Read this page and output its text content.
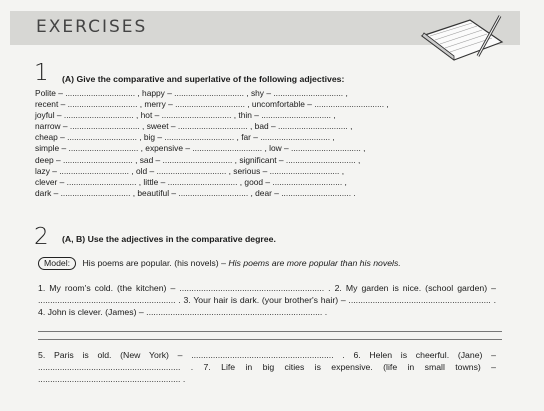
EXERCISES
1 (A) Give the comparative and superlative of the following adjectives:
Polite – .............................. , happy – .............................. , shy – .............................. ,
recent – .............................. , merry – .............................. , uncomfortable – .............................. ,
joyful – .............................. , hot – .............................. , thin – .............................. ,
narrow – .............................. , sweet – .............................. , bad – .............................. ,
cheap – .............................. , big – .............................. , far – .............................. ,
simple – .............................. , expensive – .............................. , low – .............................. ,
deep – .............................. , sad – .............................. , significant – .............................. ,
lazy – .............................. , old – .............................. , serious – .............................. ,
clever – .............................. , little – .............................. , good – .............................. ,
dark – .............................. , beautiful – .............................. , dear – .............................. .
2 (A, B) Use the adjectives in the comparative degree.
Model: His poems are popular. (his novels) – His poems are more popular than his novels.
1. My room's cold. (the kitchen) – ............................................................ . 2. My garden is nice. (school garden) – ......................................................... . 3. Your hair is dark. (your brother's hair) – ........................................................... . 4. John is clever. (James) – ......................................................................... .
5. Paris is old. (New York) – ........................................................... . 6. Helen is cheerful. (Jane) – ........................................................... . 7. Life in big cities is expensive. (life in small towns) – ........................................................... .
